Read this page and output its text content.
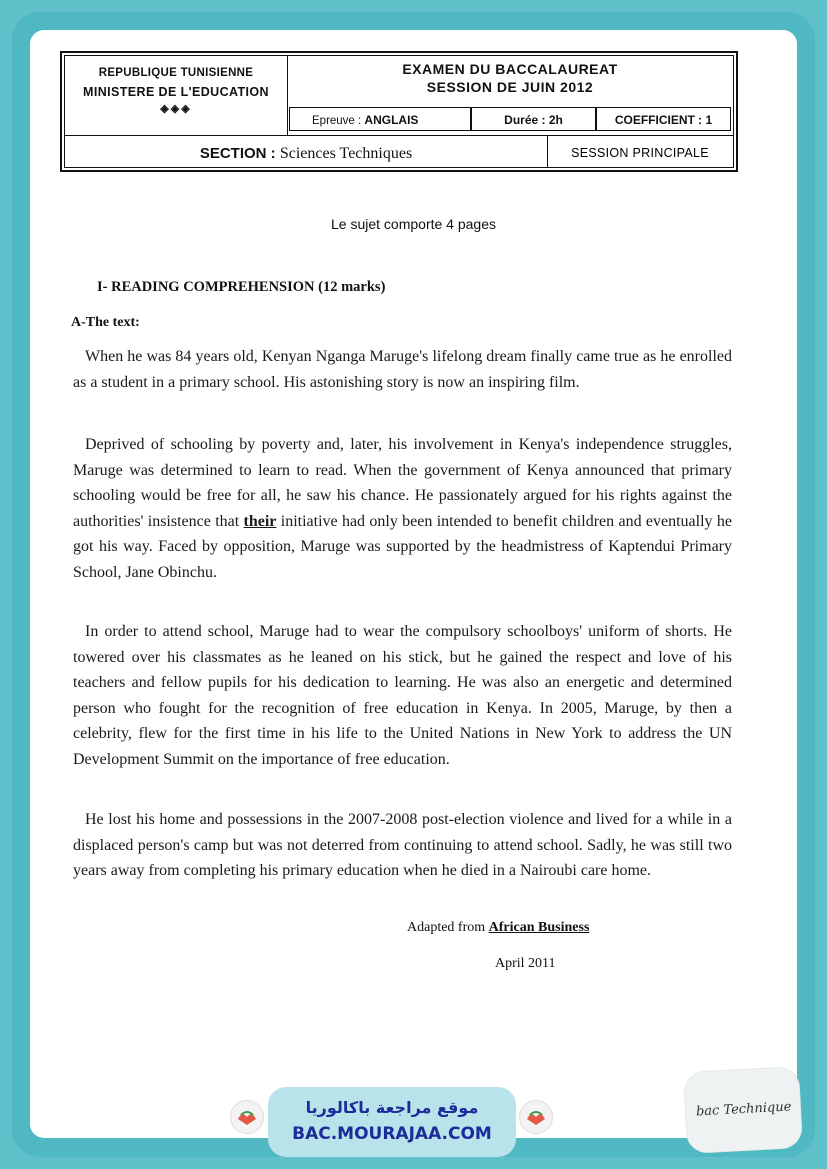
REPUBLIQUE TUNISIENNE
MINISTERE DE L'EDUCATION
◈◈◈
EXAMEN DU BACCALAUREAT
SESSION DE JUIN 2012
Epreuve : ANGLAIS	Durée : 2h	COEFFICIENT : 1
SECTION : Sciences Techniques	SESSION PRINCIPALE
Le sujet comporte 4 pages
I- READING COMPREHENSION (12 marks)
A-The text:
When he was 84 years old, Kenyan Nganga Maruge's lifelong dream finally came true as he enrolled as a student in a primary school. His astonishing story is now an inspiring film.
Deprived of schooling by poverty and, later, his involvement in Kenya's independence struggles, Maruge was determined to learn to read. When the government of Kenya announced that primary schooling would be free for all, he saw his chance. He passionately argued for his rights against the authorities' insistence that their initiative had only been intended to benefit children and eventually he got his way. Faced by opposition, Maruge was supported by the headmistress of Kaptendui Primary School, Jane Obinchu.
In order to attend school, Maruge had to wear the compulsory schoolboys' uniform of shorts. He towered over his classmates as he leaned on his stick, but he gained the respect and love of his teachers and fellow pupils for his dedication to learning. He was also an energetic and determined person who fought for the recognition of free education in Kenya. In 2005, Maruge, by then a celebrity, flew for the first time in his life to the United Nations in New York to address the UN Development Summit on the importance of free education.
He lost his home and possessions in the 2007-2008 post-election violence and lived for a while in a displaced person's camp but was not deterred from continuing to attend school. Sadly, he was still two years away from completing his primary education when he died in a Nairoubi care home.
Adapted from African Business
April 2011
موقع مراجعة باكالوريا
BAC.MOURAJAA.COM
bac Technique
